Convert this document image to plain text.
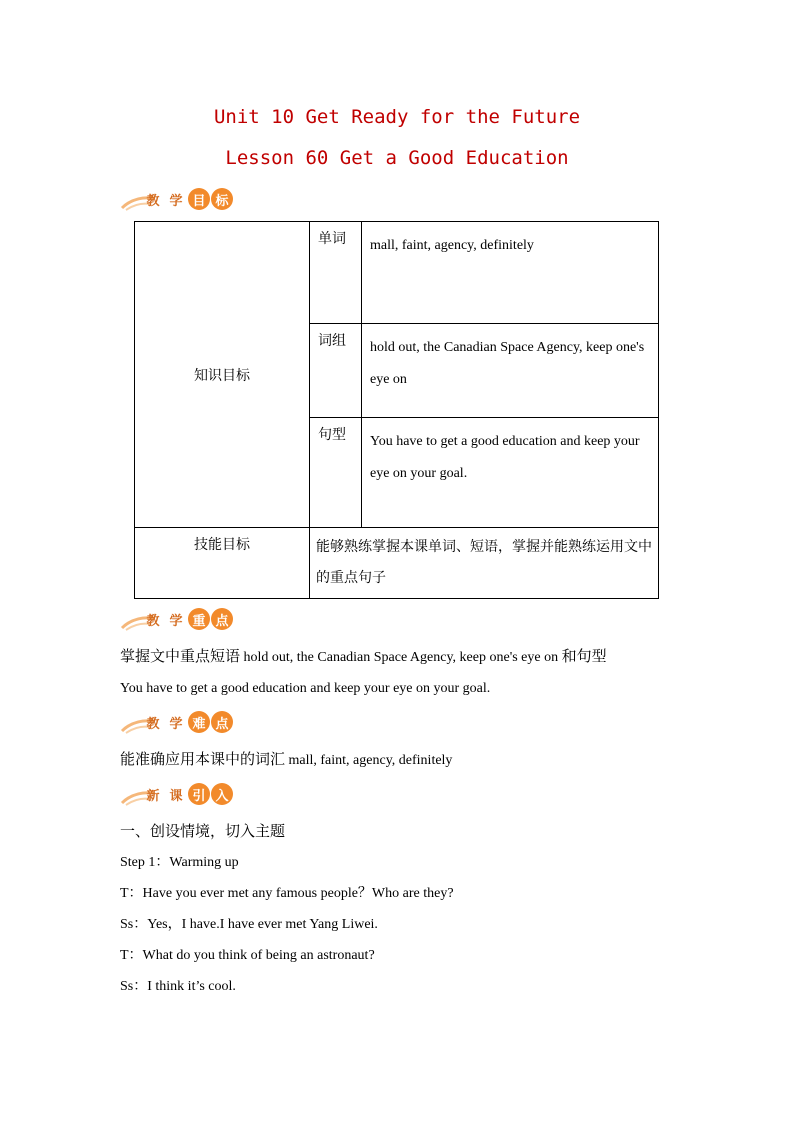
Unit 10 Get Ready for the Future
Lesson 60 Get a Good Education
教 学 目 标
知识目标	单词	mall, faint, agency, definitely
	词组	hold out, the Canadian Space Agency, keep one's eye on
	句型	You have to get a good education and keep your eye on your goal.
技能目标	能够熟练掌握本课单词、短语，掌握并能熟练运用文中的重点句子	
教 学 重 点
掌握文中重点短语 hold out, the Canadian Space Agency, keep one's eye on 和句型
You have to get a good education and keep your eye on your goal.
教 学 难 点
能准确应用本课中的词汇 mall, faint, agency, definitely
新 课 引 入
一、创设情境，切入主题
Step 1：Warming up
T：Have you ever met any famous people？Who are they?
Ss：Yes，I have.I have ever met Yang Liwei.
T：What do you think of being an astronaut?
Ss：I think it’s cool.
